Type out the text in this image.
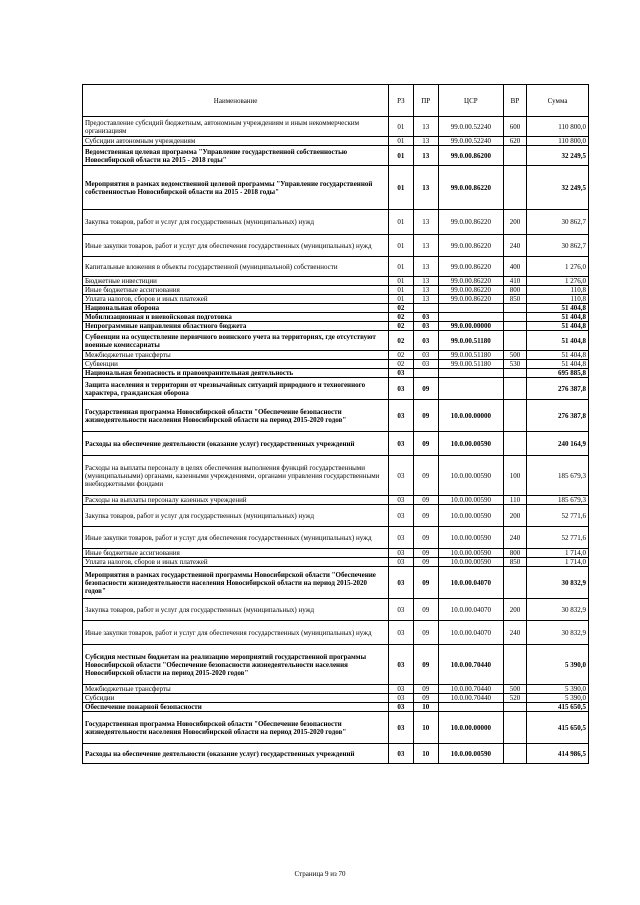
Наименование	РЗ	ПР	ЦСР	ВР	Сумма
Предоставление субсидий бюджетным, автономным учреждениям и иным некоммерческим организациям	01	13	99.0.00.52240	600	110 800,0
Субсидии автономным учреждениям	01	13	99.0.00.52240	620	110 800,0
Ведомственная целевая программа "Управление государственной собственностью Новосибирской области на 2015 - 2018 годы"	01	13	99.0.00.86200		32 249,5
Мероприятия в рамках ведомственной целевой программы "Управление государственной собственностью Новосибирской области на 2015 - 2018 годы"	01	13	99.0.00.86220		32 249,5
Закупка товаров, работ и услуг для государственных (муниципальных) нужд	01	13	99.0.00.86220	200	30 862,7
Иные закупки товаров, работ и услуг для обеспечения государственных (муниципальных) нужд	01	13	99.0.00.86220	240	30 862,7
Капитальные вложения в объекты государственной (муниципальной) собственности	01	13	99.0.00.86220	400	1 276,0
Бюджетные инвестиции	01	13	99.0.00.86220	410	1 276,0
Иные бюджетные ассигнования	01	13	99.0.00.86220	800	110,8
Уплата налогов, сборов и иных платежей	01	13	99.0.00.86220	850	110,8
Национальная оборона	02				51 404,8
Мобилизационная и вневойсковая подготовка	02	03			51 404,8
Непрограммные направления областного бюджета	02	03	99.0.00.00000		51 404,8
Субвенции на осуществление первичного воинского учета на территориях, где отсутствуют военные комиссариаты	02	03	99.0.00.51180		51 404,8
Межбюджетные трансферты	02	03	99.0.00.51180	500	51 404,8
Субвенции	02	03	99.0.00.51180	530	51 404,8
Национальная безопасность и правоохранительная деятельность	03				695 885,8
Защита населения и территории от чрезвычайных ситуаций природного и техногенного характера, гражданская оборона	03	09			276 387,8
Государственная программа Новосибирской области "Обеспечение безопасности жизнедеятельности населения Новосибирской области на период 2015-2020 годов"	03	09	10.0.00.00000		276 387,8
Расходы на обеспечение деятельности (оказание услуг) государственных учреждений	03	09	10.0.00.00590		240 164,9
Расходы на выплаты персоналу в целях обеспечения выполнения функций государственными (муниципальными) органами, казенными учреждениями, органами управления государственными внебюджетными фондами	03	09	10.0.00.00590	100	185 679,3
Расходы на выплаты персоналу казенных учреждений	03	09	10.0.00.00590	110	185 679,3
Закупка товаров, работ и услуг для государственных (муниципальных) нужд	03	09	10.0.00.00590	200	52 771,6
Иные закупки товаров, работ и услуг для обеспечения государственных (муниципальных) нужд	03	09	10.0.00.00590	240	52 771,6
Иные бюджетные ассигнования	03	09	10.0.00.00590	800	1 714,0
Уплата налогов, сборов и иных платежей	03	09	10.0.00.00590	850	1 714,0
Мероприятия в рамках государственной программы Новосибирской области "Обеспечение безопасности жизнедеятельности населения Новосибирской области на период 2015-2020 годов"	03	09	10.0.00.04070		30 832,9
Закупка товаров, работ и услуг для государственных (муниципальных) нужд	03	09	10.0.00.04070	200	30 832,9
Иные закупки товаров, работ и услуг для обеспечения государственных (муниципальных) нужд	03	09	10.0.00.04070	240	30 832,9
Субсидия местным бюджетам на реализацию мероприятий государственной программы Новосибирской области "Обеспечение безопасности жизнедеятельности населения Новосибирской области на период 2015-2020 годов"	03	09	10.0.00.70440		5 390,0
Межбюджетные трансферты	03	09	10.0.00.70440	500	5 390,0
Субсидии	03	09	10.0.00.70440	520	5 390,0
Обеспечение пожарной безопасности	03	10			415 650,5
Государственная программа Новосибирской области "Обеспечение безопасности жизнедеятельности населения Новосибирской области на период 2015-2020 годов"	03	10	10.0.00.00000		415 650,5
Расходы на обеспечение деятельности (оказание услуг) государственных учреждений	03	10	10.0.00.00590		414 986,5
Страница 9 из 70
